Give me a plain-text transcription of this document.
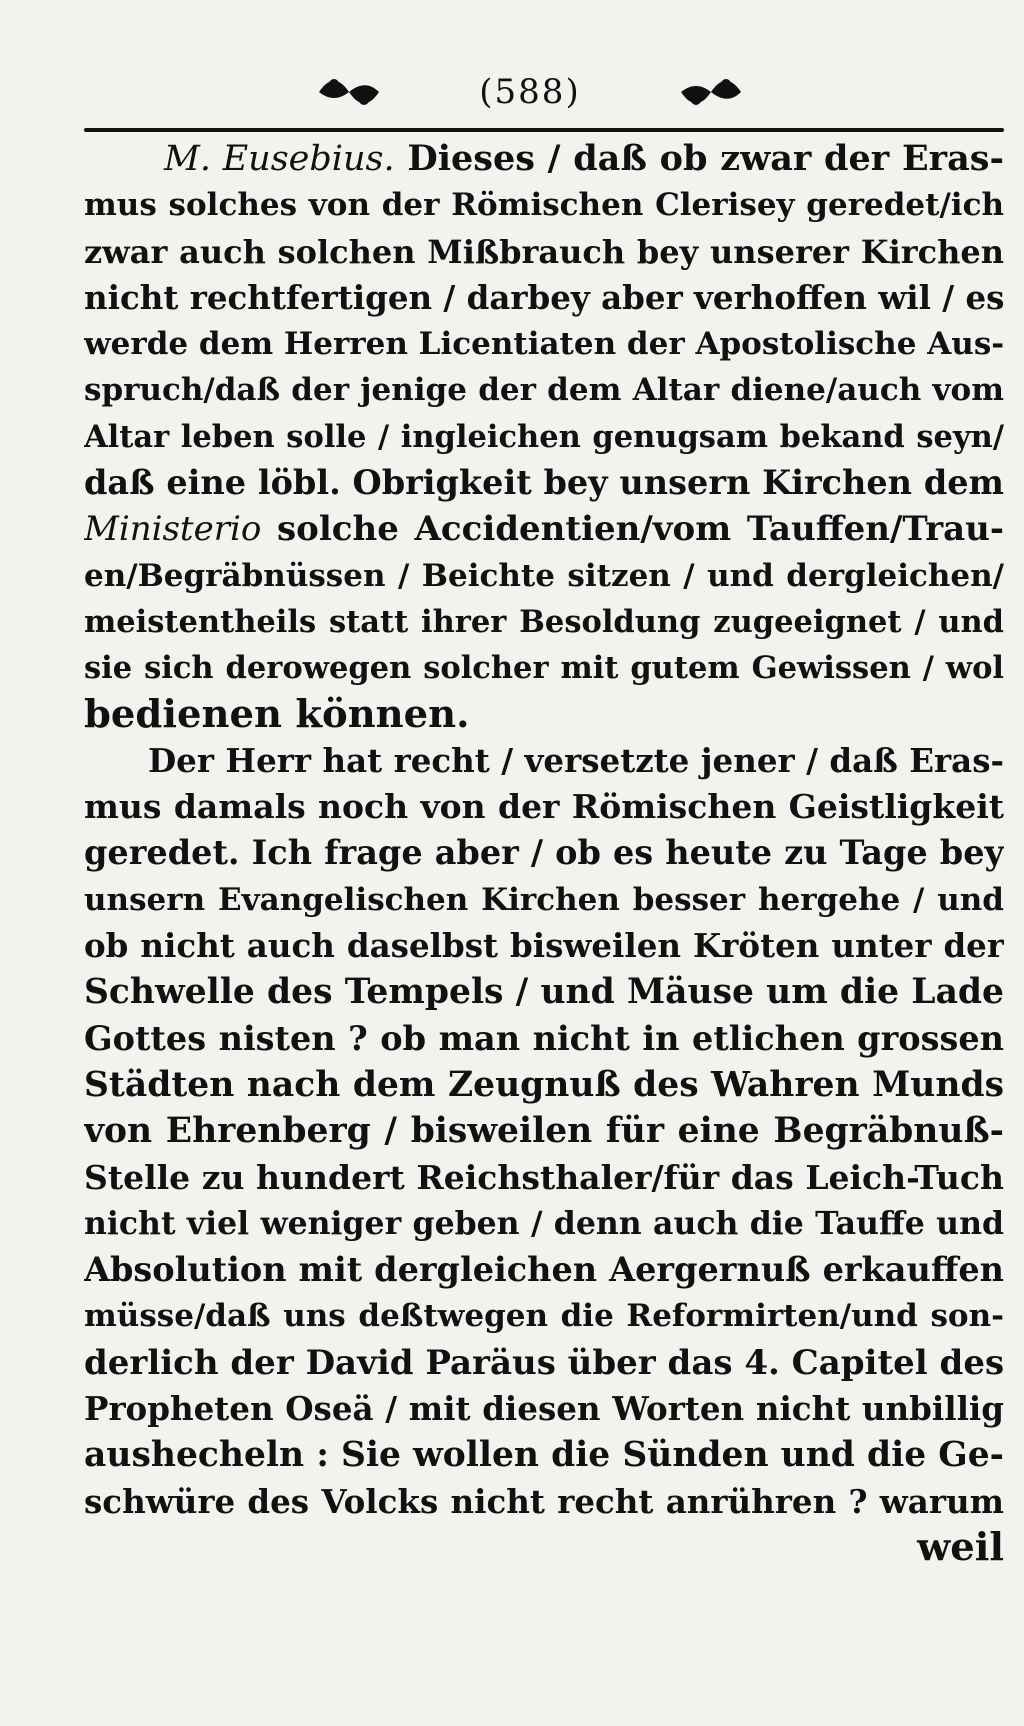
(588)
M. Eusebius. Dieses / daß ob zwar der Eras-
mus solches von der Römischen Clerisey geredet/ich
zwar auch solchen Mißbrauch bey unserer Kirchen
nicht rechtfertigen / darbey aber verhoffen wil / es
werde dem Herren Licentiaten der Apostolische Aus-
spruch/daß der jenige der dem Altar diene/auch vom
Altar leben solle / ingleichen genugsam bekand seyn/
daß eine löbl. Obrigkeit bey unsern Kirchen dem
Ministerio solche Accidentien/vom Tauffen/Trau-
en/Begräbnüssen / Beichte sitzen / und dergleichen/
meistentheils statt ihrer Besoldung zugeeignet / und
sie sich derowegen solcher mit gutem Gewissen / wol
bedienen können.
Der Herr hat recht / versetzte jener / daß Eras-
mus damals noch von der Römischen Geistligkeit
geredet. Ich frage aber / ob es heute zu Tage bey
unsern Evangelischen Kirchen besser hergehe / und
ob nicht auch daselbst bisweilen Kröten unter der
Schwelle des Tempels / und Mäuse um die Lade
Gottes nisten ? ob man nicht in etlichen grossen
Städten nach dem Zeugnuß des Wahren Munds
von Ehrenberg / bisweilen für eine Begräbnuß-
Stelle zu hundert Reichsthaler/für das Leich-Tuch
nicht viel weniger geben / denn auch die Tauffe und
Absolution mit dergleichen Aergernuß erkauffen
müsse/daß uns deßtwegen die Reformirten/und son-
derlich der David Paräus über das 4. Capitel des
Propheten Oseä / mit diesen Worten nicht unbillig
aushecheln : Sie wollen die Sünden und die Ge-
schwüre des Volcks nicht recht anrühren ? warum
weil
